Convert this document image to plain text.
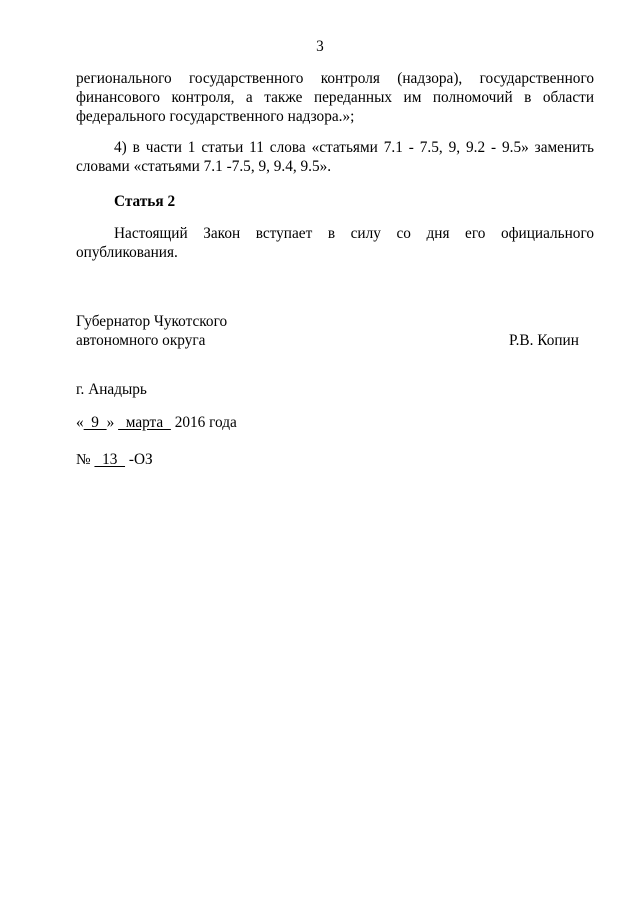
3

регионального государственного контроля (надзора), государственного финансового контроля, а также переданных им полномочий в области федерального государственного надзора.»;

4) в части 1 статьи 11 слова «статьями 7.1 - 7.5, 9, 9.2 - 9.5» заменить словами «статьями 7.1 -7.5, 9, 9.4, 9.5».

Статья 2

Настоящий Закон вступает в силу со дня его официального опубликования.

Губернатор Чукотского
автономного округа	Р.В. Копин
г. Анадырь
«  9  »   марта   2016 года
№   13   -ОЗ
